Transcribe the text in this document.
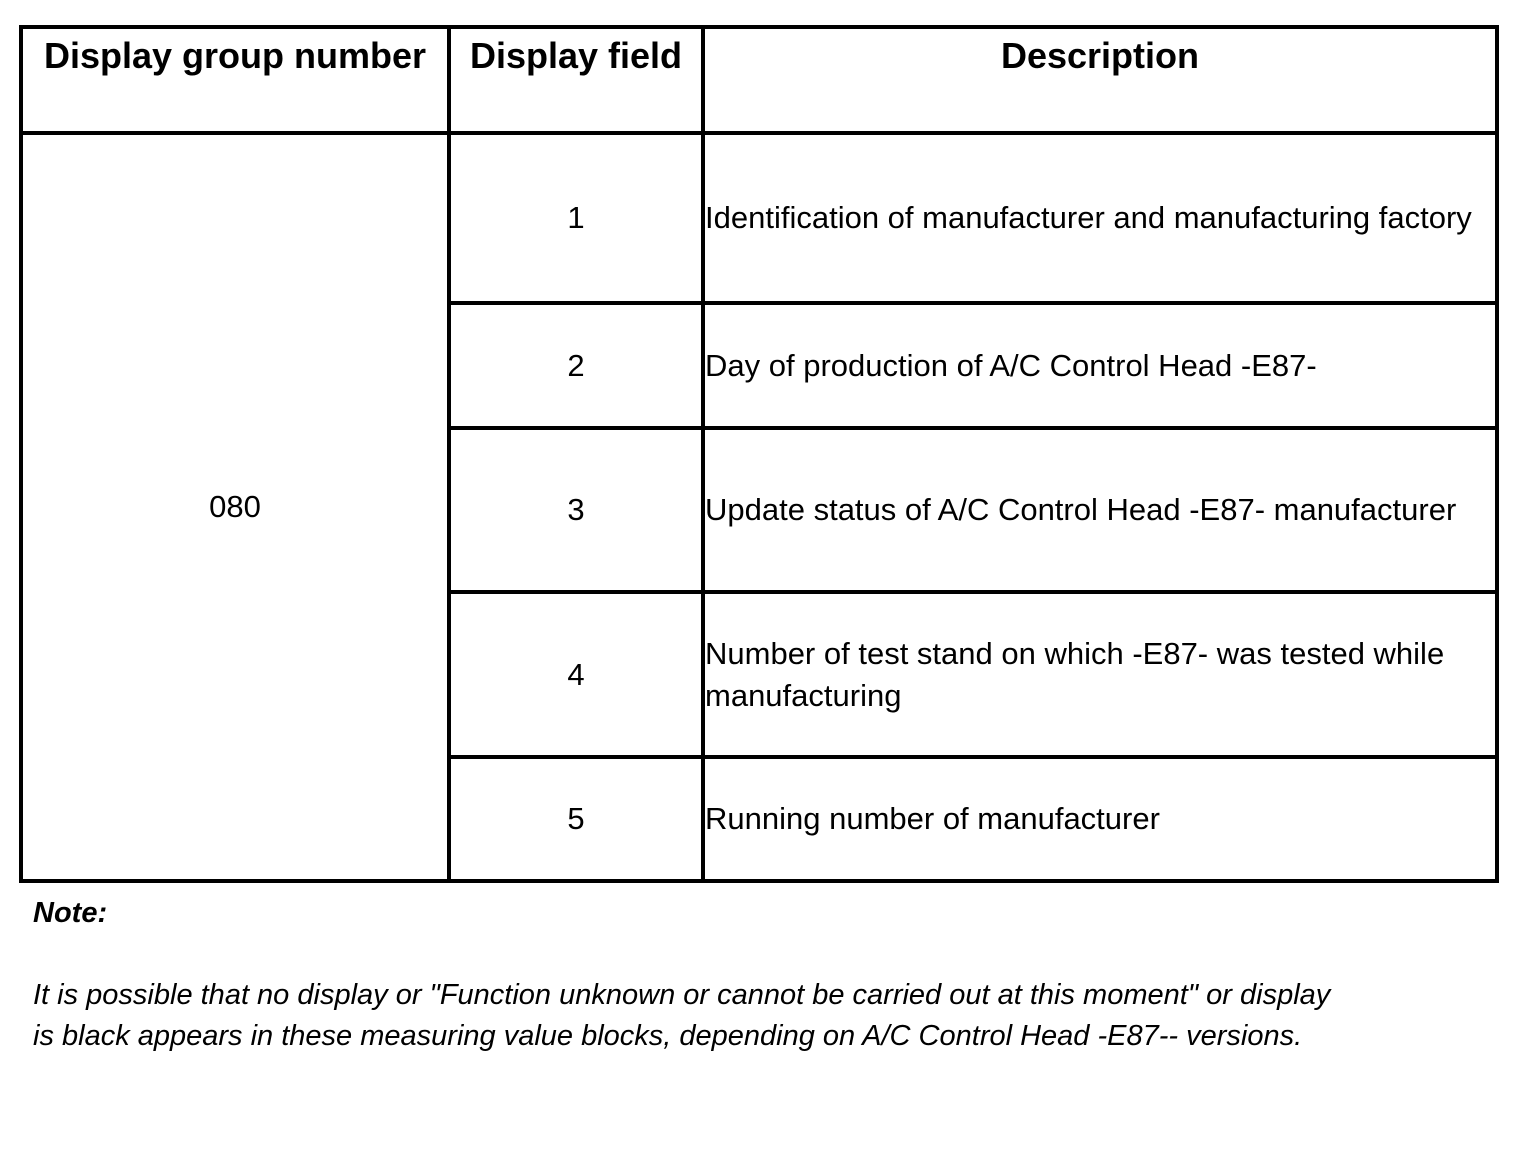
Display group number	Display field	Description
080	1	Identification of manufacturer and manufacturing factory
	2	Day of production of A/C Control Head -E87-
	3	Update status of A/C Control Head -E87- manufacturer
	4	Number of test stand on which -E87- was tested while manufacturing
	5	Running number of manufacturer
Note:
It is possible that no display or "Function unknown or cannot be carried out at this moment" or display is black appears in these measuring value blocks, depending on A/C Control Head -E87-- versions.
